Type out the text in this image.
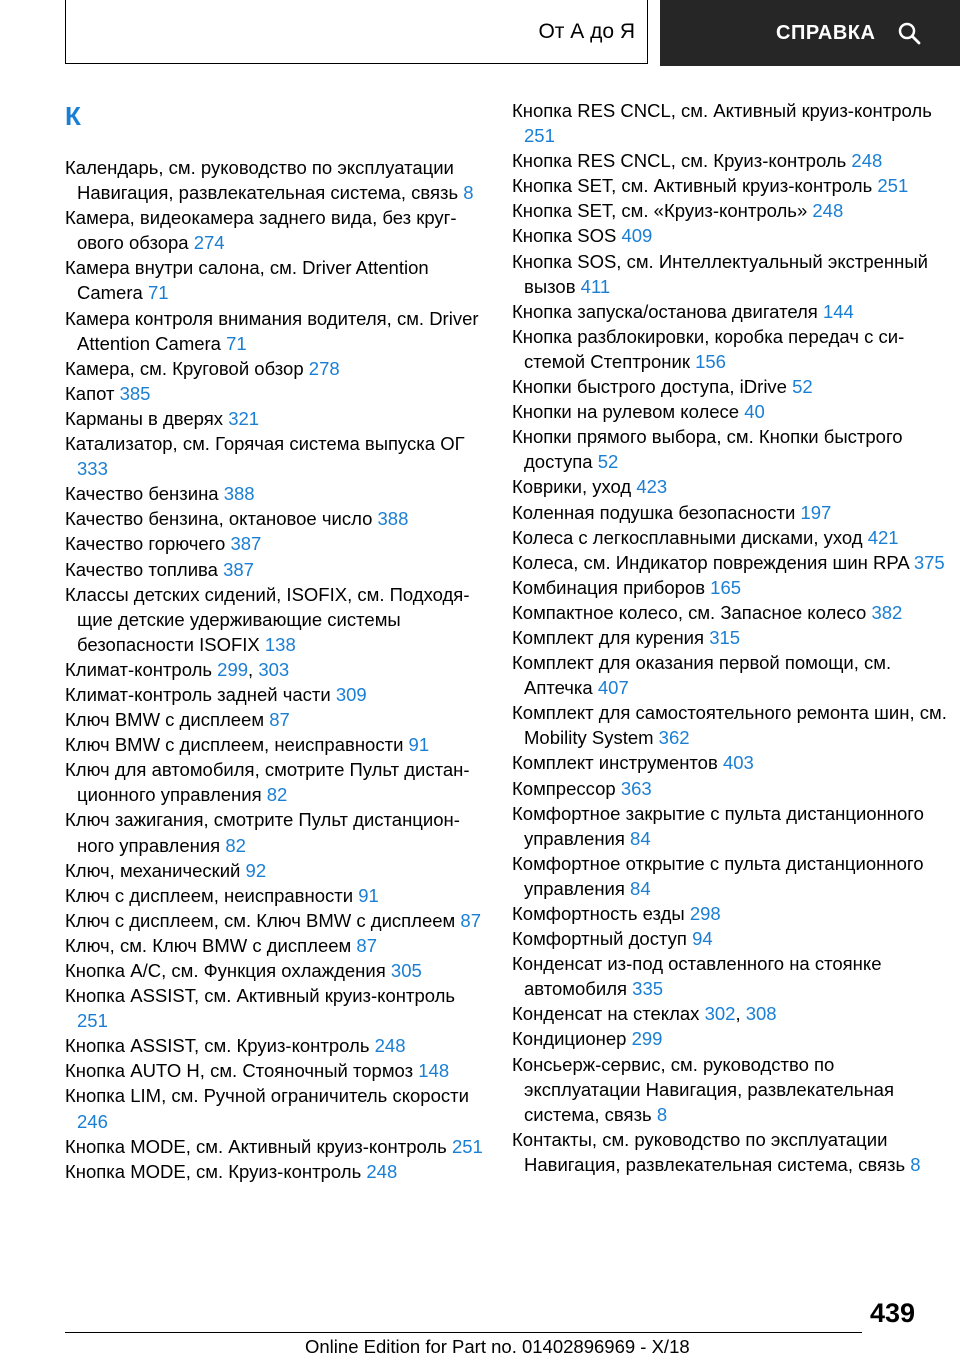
От А до Я	СПРАВКА
К
Календарь, см. руководство по эксплуатации Навигация, развлекательная система, связь 8
Камера, видеокамера заднего вида, без кругового обзора 274
Камера внутри салона, см. Driver Attention Camera 71
Камера контроля внимания водителя, см. Driver Attention Camera 71
Камера, см. Круговой обзор 278
Капот 385
Карманы в дверях 321
Катализатор, см. Горячая система выпуска ОГ 333
Качество бензина 388
Качество бензина, октановое число 388
Качество горючего 387
Качество топлива 387
Классы детских сидений, ISOFIX, см. Подходящие детские удерживающие системы безопасности ISOFIX 138
Климат-контроль 299, 303
Климат-контроль задней части 309
Ключ BMW с дисплеем 87
Ключ BMW с дисплеем, неисправности 91
Ключ для автомобиля, смотрите Пульт дистанционного управления 82
Ключ зажигания, смотрите Пульт дистанционного управления 82
Ключ, механический 92
Ключ с дисплеем, неисправности 91
Ключ с дисплеем, см. Ключ BMW с дисплеем 87
Ключ, см. Ключ BMW с дисплеем 87
Кнопка A/C, см. Функция охлаждения 305
Кнопка ASSIST, см. Активный круиз-контроль 251
Кнопка ASSIST, см. Круиз-контроль 248
Кнопка AUTO H, см. Стояночный тормоз 148
Кнопка LIM, см. Ручной ограничитель скорости 246
Кнопка MODE, см. Активный круиз-контроль 251
Кнопка MODE, см. Круиз-контроль 248
Кнопка RES CNCL, см. Активный круиз-контроль 251
Кнопка RES CNCL, см. Круиз-контроль 248
Кнопка SET, см. Активный круиз-контроль 251
Кнопка SET, см. «Круиз-контроль» 248
Кнопка SOS 409
Кнопка SOS, см. Интеллектуальный экстренный вызов 411
Кнопка запуска/останова двигателя 144
Кнопка разблокировки, коробка передач с системой Стептроник 156
Кнопки быстрого доступа, iDrive 52
Кнопки на рулевом колесе 40
Кнопки прямого выбора, см. Кнопки быстрого доступа 52
Коврики, уход 423
Коленная подушка безопасности 197
Колеса с легкосплавными дисками, уход 421
Колеса, см. Индикатор повреждения шин RPA 375
Комбинация приборов 165
Компактное колесо, см. Запасное колесо 382
Комплект для курения 315
Комплект для оказания первой помощи, см. Аптечка 407
Комплект для самостоятельного ремонта шин, см. Mobility System 362
Комплект инструментов 403
Компрессор 363
Комфортное закрытие с пульта дистанционного управления 84
Комфортное открытие с пульта дистанционного управления 84
Комфортность езды 298
Комфортный доступ 94
Конденсат из-под оставленного на стоянке автомобиля 335
Конденсат на стеклах 302, 308
Кондиционер 299
Консьерж-сервис, см. руководство по эксплуатации Навигация, развлекательная система, связь 8
Контакты, см. руководство по эксплуатации Навигация, развлекательная система, связь 8
439
Online Edition for Part no. 01402896969 - X/18
